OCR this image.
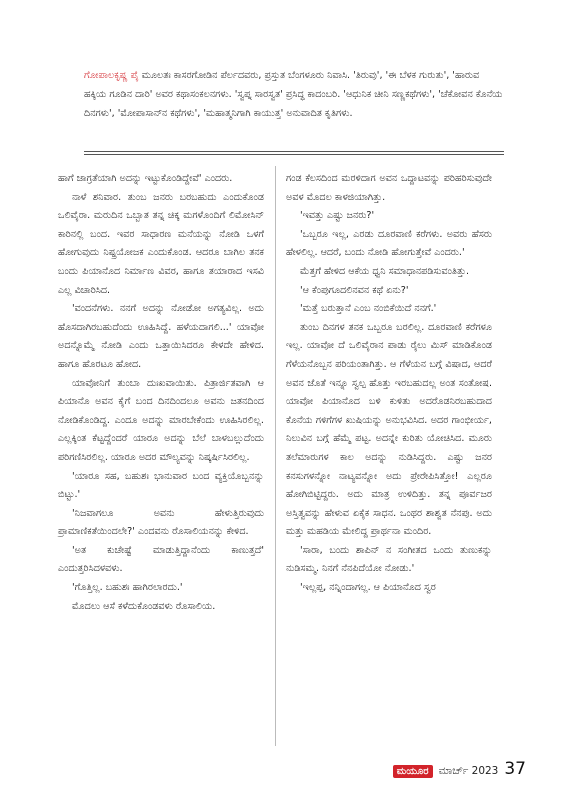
ಗೋಪಾಲಕೃಷ್ಣ ಪೈ ಮೂಲತಃ ಕಾಸರಗೋಡಿನ ಪೆರ್ಲದವರು, ಪ್ರಸ್ತುತ ಬೆಂಗಳೂರು ನಿವಾಸಿ. 'ತಿರುವು', 'ಈ ಬೆಳಕ ಗುರುತು', 'ಹಾರುವ ಹಕ್ಕಿಯ ಗೂಡಿನ ದಾರಿ' ಅವರ ಕಥಾಸಂಕಲನಗಳು. 'ಸ್ವಪ್ನ ಸಾರಸ್ವತ' ಪ್ರಸಿದ್ಧ ಕಾದಂಬರಿ. 'ಆಧುನಿಕ ಚೀನಿ ಸಣ್ಣಕಥೆಗಳು', 'ಚೆಕೋವನ ಕೊನೆಯ ದಿನಗಳು', 'ಮೋಪಾಸಾನ್‍ನ ಕಥೆಗಳು', 'ಮಹಾತ್ಮನಿಗಾಗಿ ಕಾಯುತ್ತ' ಅನುವಾದಿತ ಕೃತಿಗಳು.

ಹಾಗೆ ಜಾಗ್ರತೆಯಾಗಿ ಅದನ್ನು ಇಟ್ಟುಕೊಂಡಿದ್ದೇವೆ' ಎಂದರು.

ನಾಳೆ ಶನಿವಾರ. ತುಂಬ ಜನರು ಬರಬಹುದು ಎಂದುಕೊಂಡ ಒಲಿವೈರಾ. ಮರುದಿನ ಒಬ್ಬಾತ ತನ್ನ ಚಿಕ್ಕ ಮಗಳೊಂದಿಗೆ ಲಿಮೋಸಿನ್ ಕಾರಿನಲ್ಲಿ ಬಂದ. ಇವರ ಸಾಧಾರಣ ಮನೆಯನ್ನು ನೋಡಿ ಒಳಗೆ ಹೋಗುವುದು ನಿಷ್ಪ್ರಯೋಜಕ ಎಂದುಕೊಂಡ. ಆದರೂ ಬಾಗಿಲ ತನಕ ಬಂದು ಪಿಯಾನೊದ ನಿರ್ಮಾಣ ವಿವರ, ಹಾಗೂ ತಯಾರಾದ ಇಸವಿ ಎಲ್ಲ ವಿಚಾರಿಸಿದ.

'ವಂದನೆಗಳು. ನನಗೆ ಅದನ್ನು ನೋಡೋ ಅಗತ್ಯವಿಲ್ಲ. ಅದು ಹೊಸದಾಗಿರಬಹುದೆಂದು ಊಹಿಸಿದ್ದೆ. ಹಳೆಯದಾಗಲಿ...' ಯಾವೋ ಅದನ್ನೊಮ್ಮೆ ನೋಡಿ ಎಂದು ಒತ್ತಾಯಿಸಿದರೂ ಕೇಳದೇ ಹೇಳಿದ. ಹಾಗೂ ಹೊರಟೂ ಹೋದ.

ಯಾವೋನಿಗೆ ತುಂಬಾ ದುಃಖವಾಯಿತು. ಪಿತ್ರಾರ್ಜಿತವಾಗಿ ಆ ಪಿಯಾನೊ ಅವನ ಕೈಗೆ ಬಂದ ದಿನದಿಂದಲೂ ಅವನು ಜತನದಿಂದ ನೋಡಿಕೊಂಡಿದ್ದ. ಎಂದೂ ಅದನ್ನು ಮಾರಬೇಕೆಂದು ಊಹಿಸಿರಲಿಲ್ಲ. ಎಲ್ಲಕ್ಕಿಂತ ಕೆಟ್ಟದ್ದೆಂದರೆ ಯಾರೂ ಅದನ್ನು ಬೆಲೆ ಬಾಳಬಲ್ಲುದೆಂದು ಪರಿಗಣಿಸಿರಲಿಲ್ಲ. ಯಾರೂ ಅದರ ಮೌಲ್ಯವನ್ನು ನಿಷ್ಕರ್ಷಿಸಿರಲಿಲ್ಲ.

'ಯಾರೂ ಸಹ, ಬಹುಶಃ ಭಾನುವಾರ ಬಂದ ವ್ಯಕ್ತಿಯೊಬ್ಬನನ್ನು ಬಿಟ್ಟು.'

'ನಿಜವಾಗಲೂ ಅವನು ಹೇಳುತ್ತಿರುವುದು ಪ್ರಾಮಾಣಿಕತೆಯಿಂದಲೇ?' ಎಂದವನು ರೊಸಾಲಿಯನನ್ನು ಕೇಳಿದ.

'ಅತ ಕುಚೇಷ್ಟೆ ಮಾಡುತ್ತಿದ್ದಾನೆಂದು ಕಾಣುತ್ತದೆ' ಎಂದುತ್ತರಿಸಿದಳವಳು.

'ಗೊತ್ತಿಲ್ಲ. ಬಹುಶಃ ಹಾಗಿರಲಾರದು.'

ಮೊದಲು ಆಸೆ ಕಳೆದುಕೊಂಡವಳು ರೊಸಾಲಿಯ.

ಗಂಡ ಕೆಲಸದಿಂದ ಮರಳಿದಾಗ ಅವನ ಒದ್ದಾಟವನ್ನು ಪರಿಹರಿಸುವುದೇ ಅವಳ ಮೊದಲ ಕಾಳಜಿಯಾಗಿತ್ತು.

'ಇವತ್ತು ಎಷ್ಟು ಜನರು?'

'ಒಬ್ಬರೂ ಇಲ್ಲ, ಎರಡು ದೂರವಾಣಿ ಕರೆಗಳು. ಅವರು ಹೆಸರು ಹೇಳಲಿಲ್ಲ. ಆದರೆ, ಬಂದು ನೋಡಿ ಹೋಗುತ್ತೇವೆ ಎಂದರು.'

ಮೆತ್ತಗೆ ಹೇಳಿದ ಆಕೆಯ ಧ್ವನಿ ಸಮಾಧಾನಪಡಿಸುವಂತಿತ್ತು.

'ಆ ಕೆಂಪುಗೂದಲಿನವನ ಕಥೆ ಏನು?'

'ಮತ್ತೆ ಬರುತ್ತಾನೆ ಎಂಬ ನಂಬಿಕೆಯಿದೆ ನನಗೆ.'

ತುಂಬ ದಿನಗಳ ತನಕ ಒಬ್ಬರೂ ಬರಲಿಲ್ಲ. ದೂರವಾಣಿ ಕರೆಗಳೂ ಇಲ್ಲ. ಯಾವೋ ದೆ ಒಲಿವೈರಾನ ಪಾಡು ರೈಲು ಮಿಸ್ ಮಾಡಿಕೊಂಡ ಗೆಳೆಯನೊಬ್ಬನ ಪರಿಯಂತಾಗಿತ್ತು. ಆ ಗೆಳೆಯನ ಬಗ್ಗೆ ವಿಷಾದ, ಆದರೆ ಅವನ ಜೊತೆ ಇನ್ನೂ ಸ್ವಲ್ಪ ಹೊತ್ತು ಇರಬಹುದಲ್ಲ ಅಂತ ಸಂತೋಷ. ಯಾವೋ ಪಿಯಾನೊದ ಬಳಿ ಕುಳಿತು ಅದರೊಡನಿರಬಹುದಾದ ಕೊನೆಯ ಗಳಿಗೆಗಳ ಖುಷಿಯನ್ನು ಅನುಭವಿಸಿದ. ಅದರ ಗಾಂಭೀರ್ಯ, ನಿಲುವಿನ ಬಗ್ಗೆ ಹೆಮ್ಮೆ ಪಟ್ಟ. ಅದನ್ನೇ ಕುರಿತು ಯೋಚಿಸಿದ. ಮೂರು ತಲೆಮಾರುಗಳ ಕಾಲ ಅದನ್ನು ನುಡಿಸಿದ್ದರು. ಎಷ್ಟು ಜನರ ಕನಸುಗಳನ್ನೋ ನಾಟ್ಯವನ್ನೋ ಅದು ಪ್ರೇರೇಪಿಸಿತ್ತೋ! ಎಲ್ಲರೂ ಹೋಗಿಬಿಟ್ಟಿದ್ದರು. ಅದು ಮಾತ್ರ ಉಳಿದಿತ್ತು. ತನ್ನ ಪೂರ್ವಜರ ಅಸ್ತಿತ್ವವನ್ನು ಹೇಳುವ ಏಕೈಕ ಸಾಧನ. ಒಂಥರ ಶಾಶ್ವತ ನೆನಪು. ಅದು ಮತ್ತು ಮಹಡಿಯ ಮೇಲಿದ್ದ ಪ್ರಾರ್ಥನಾ ಮಂದಿರ.

'ಸಾರಾ, ಬಂದು ಶಾಪಿನ್ ನ ಸಂಗೀತದ ಒಂದು ತುಣುಕನ್ನು ನುಡಿಸಮ್ಮ. ನಿನಗೆ ನೆನಪಿದೆಯೋ ನೋಡು.'

'ಇಲ್ಲಪ್ಪ, ನನ್ನಿಂದಾಗಲ್ಲ. ಆ ಪಿಯಾನೊದ ಸ್ವರ

ಮಯೂರ ಮಾರ್ಚ್ 2023 37
